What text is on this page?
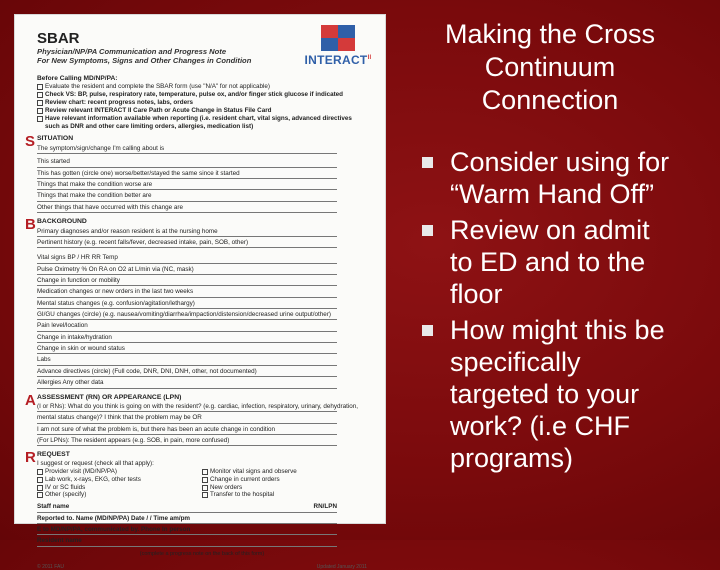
$INTERACT^{II}$
SBAR
Physician/NP/PA Communication and Progress Note
For New Symptoms, Signs and Other Changes in Condition
Before Calling MD/NP/PA:
Evaluate the resident and complete the SBAR form (use "N/A" for not applicable)
Check VS: BP, pulse, respiratory rate, temperature, pulse ox, and/or finger stick glucose if indicated
Review chart: recent progress notes, labs, orders
Review relevant INTERACT II Care Path or Acute Change in Status File Card
Have relevant information available when reporting (i.e. resident chart, vital signs, advanced directives
such as DNR and other care limiting orders, allergies, medication list)
S SITUATION
The symptom/sign/change I'm calling about is
This started
This has gotten (circle one) worse/better/stayed the same since it started
Things that make the condition worse are
Things that make the condition better are
Other things that have occurred with this change are
B BACKGROUND
Primary diagnoses and/or reason resident is at the nursing home
Pertinent history (e.g. recent falls/fever, decreased intake, pain, SOB, other)
Vital signs BP / HR RR Temp
Pulse Oximetry % On RA on O2 at L/min via (NC, mask)
Change in function or mobility
Medication changes or new orders in the last two weeks
Mental status changes (e.g. confusion/agitation/lethargy)
GI/GU changes (circle) (e.g. nausea/vomiting/diarrhea/impaction/distension/decreased urine output/other)
Pain level/location
Change in intake/hydration
Change in skin or wound status
Labs
Advance directives (circle) (Full code, DNR, DNI, DNH, other, not documented)
Allergies Any other data
A ASSESSMENT (RN) OR APPEARANCE (LPN)
(I or RNs): What do you think is going on with the resident? (e.g. cardiac, infection, respiratory, urinary, dehydration,
mental status change)? I think that the problem may be OR
I am not sure of what the problem is, but there has been an acute change in condition
(For LPNs): The resident appears (e.g. SOB, in pain, more confused)
R REQUEST
I suggest or request (check all that apply):
Provider visit (MD/NP/PA)
Lab work, x-rays, EKG, other tests
IV or SC fluids
Other (specify)
Monitor vital signs and observe
Change in current orders
New orders
Transfer to the hospital
Staff name	RN/LPN
Reported to. Name (MD/NP/PA) Date / / Time am/pm
E to MD/NP/PA, communicated by. Phone In person
Resident name
(complete a progress note on the back of this form)
© 2011 FAU	Updated January 2011
Making the Cross
Continuum
Connection
Consider using for
“Warm Hand Off”
Review on admit
to ED and to the
floor
How might this be
specifically
targeted to your
work? (i.e CHF
programs)
